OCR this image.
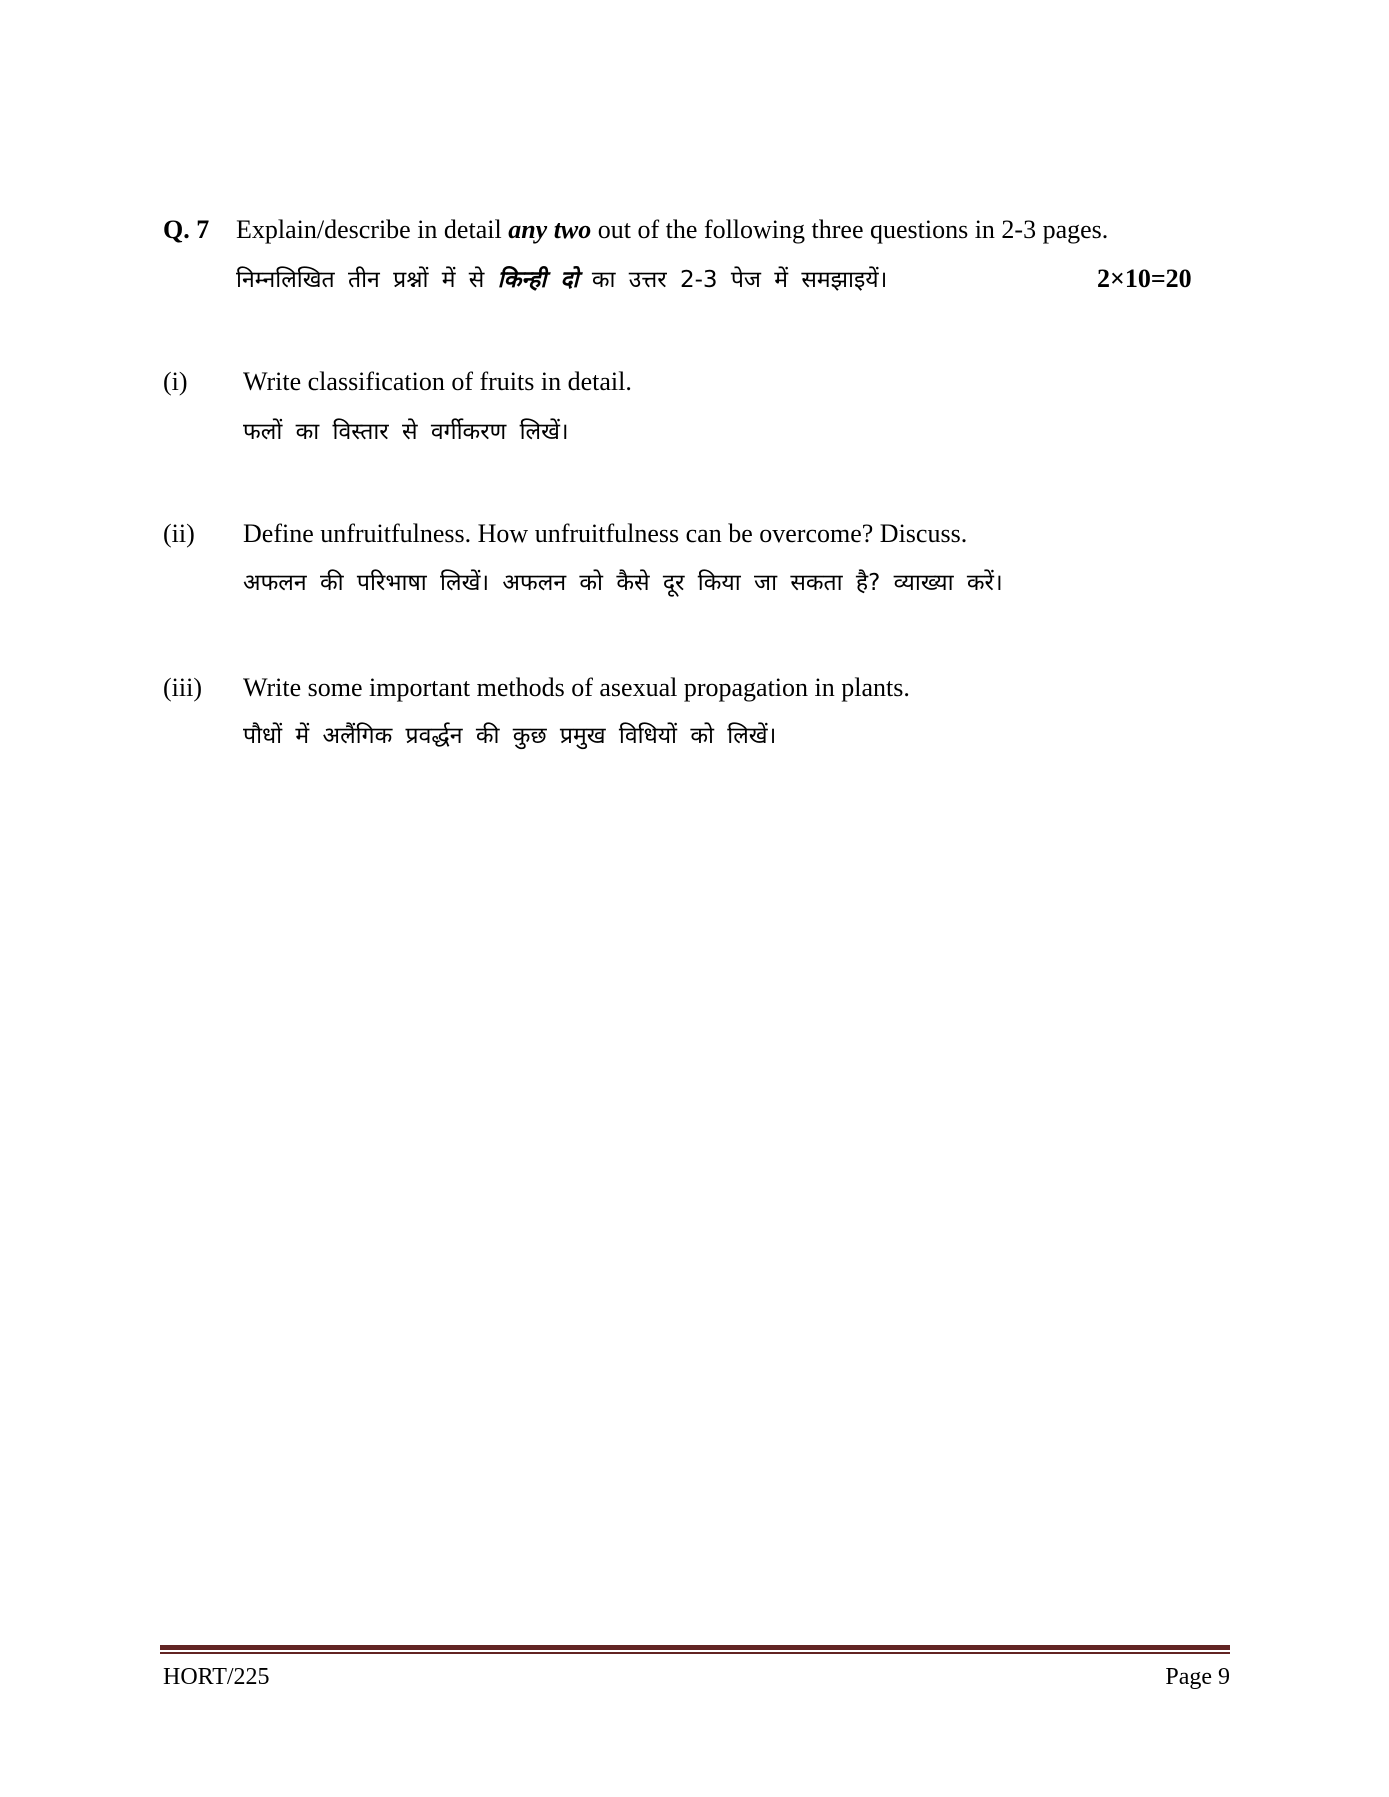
Q. 7 Explain/describe in detail any two out of the following three questions in 2-3 pages.
निम्नलिखित तीन प्रश्नों में से किन्ही दो का उत्तर 2-3 पेज में समझाइयें।	2×10=20
(i) Write classification of fruits in detail.
फलों का विस्तार से वर्गीकरण लिखें।
(ii) Define unfruitfulness. How unfruitfulness can be overcome? Discuss.
अफलन की परिभाषा लिखें। अफलन को कैसे दूर किया जा सकता है? व्याख्या करें।
(iii) Write some important methods of asexual propagation in plants.
पौधों में अलैंगिक प्रवर्द्धन की कुछ प्रमुख विधियों को लिखें।
HORT/225	Page 9
